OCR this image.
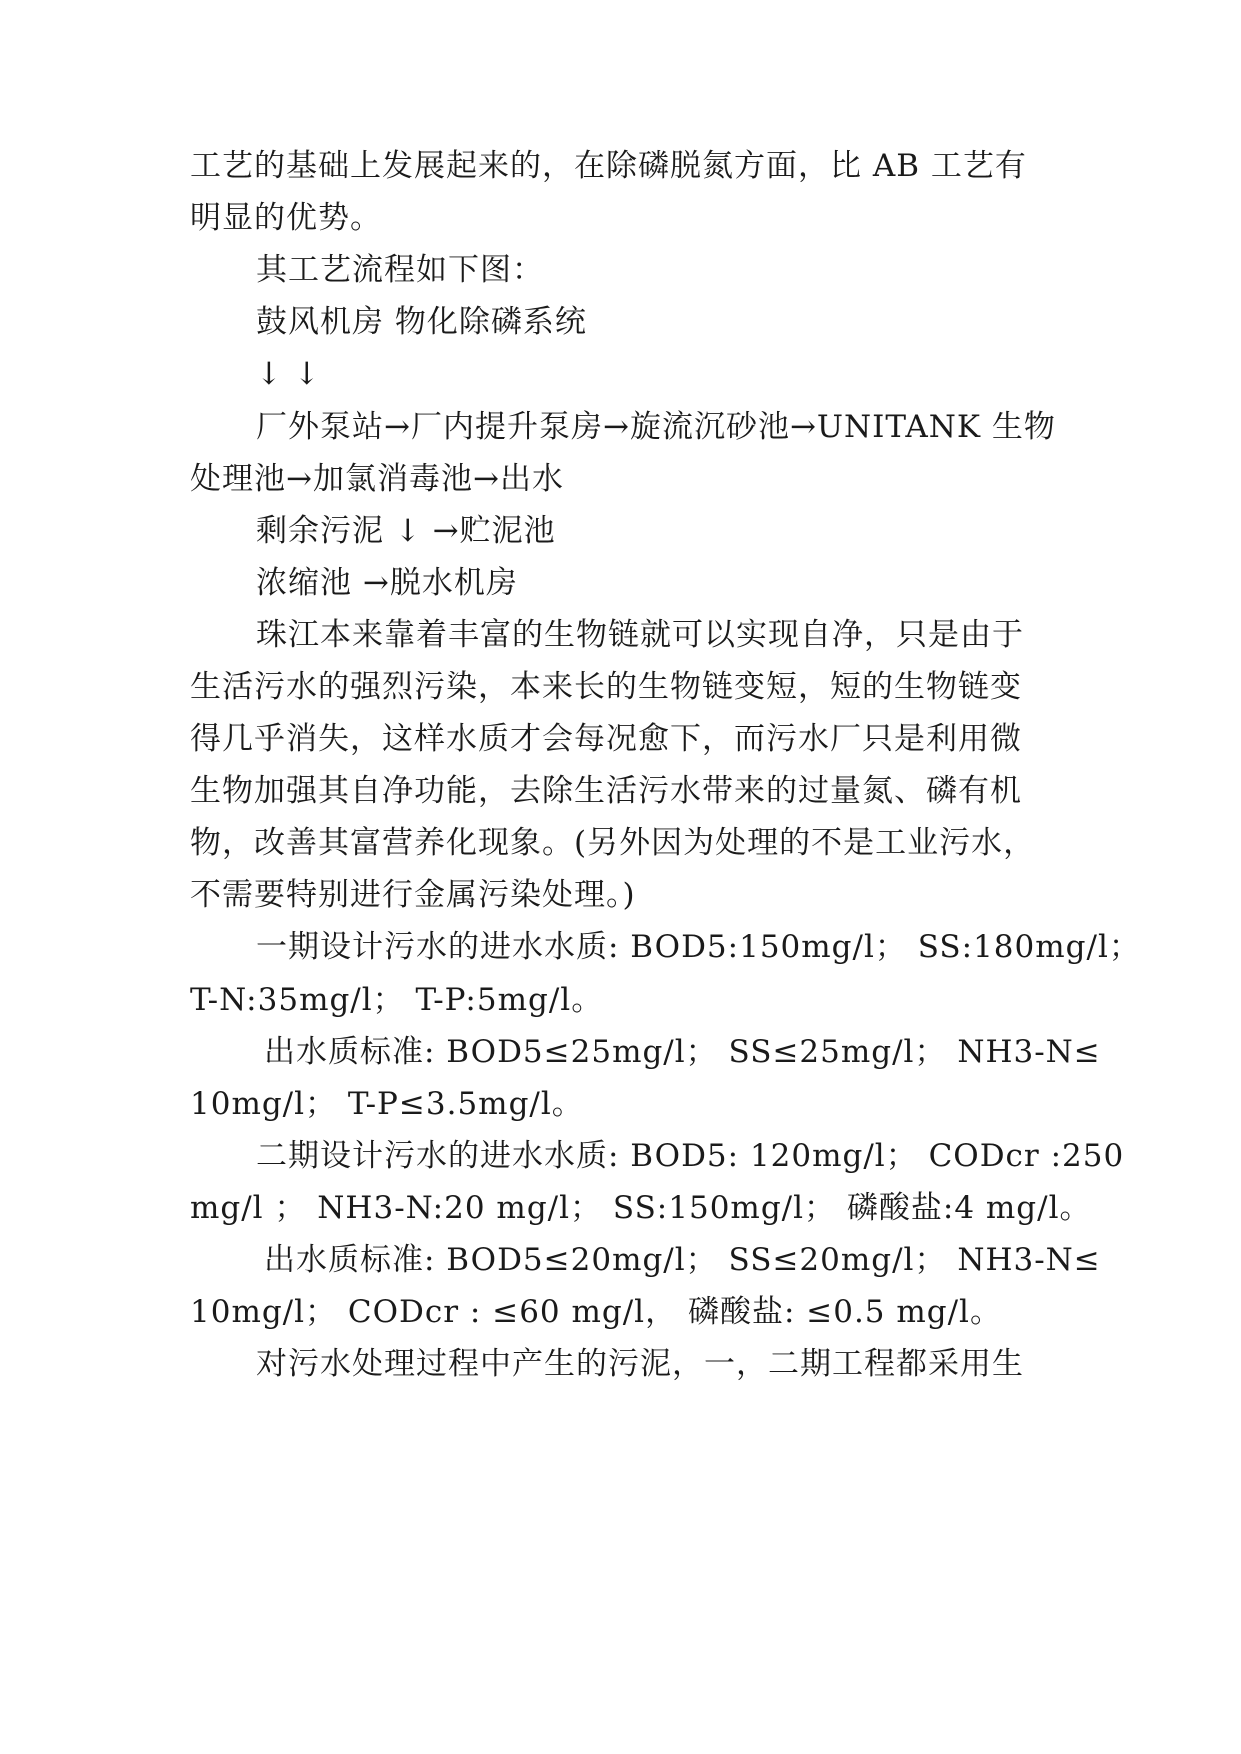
工艺的基础上发展起来的，在除磷脱氮方面，比 AB 工艺有
明显的优势。
其工艺流程如下图：
鼓风机房 物化除磷系统
↓ ↓
厂外泵站→厂内提升泵房→旋流沉砂池→UNITANK 生物
处理池→加氯消毒池→出水
剩余污泥 ↓ →贮泥池
浓缩池 →脱水机房
珠江本来靠着丰富的生物链就可以实现自净，只是由于
生活污水的强烈污染，本来长的生物链变短，短的生物链变
得几乎消失，这样水质才会每况愈下，而污水厂只是利用微
生物加强其自净功能，去除生活污水带来的过量氮、磷有机
物，改善其富营养化现象。(另外因为处理的不是工业污水，
不需要特别进行金属污染处理。)
一期设计污水的进水水质: BOD5:150mg/l； SS:180mg/l；
T-N:35mg/l； T-P:5mg/l。
出水质标准: BOD5≤25mg/l； SS≤25mg/l； NH3-N≤
10mg/l； T-P≤3.5mg/l。
二期设计污水的进水水质: BOD5: 120mg/l； CODcr :250
mg/l ； NH3-N:20 mg/l； SS:150mg/l； 磷酸盐:4 mg/l。
出水质标准: BOD5≤20mg/l； SS≤20mg/l； NH3-N≤
10mg/l； CODcr : ≤60 mg/l， 磷酸盐: ≤0.5 mg/l。
对污水处理过程中产生的污泥，一，二期工程都采用生
